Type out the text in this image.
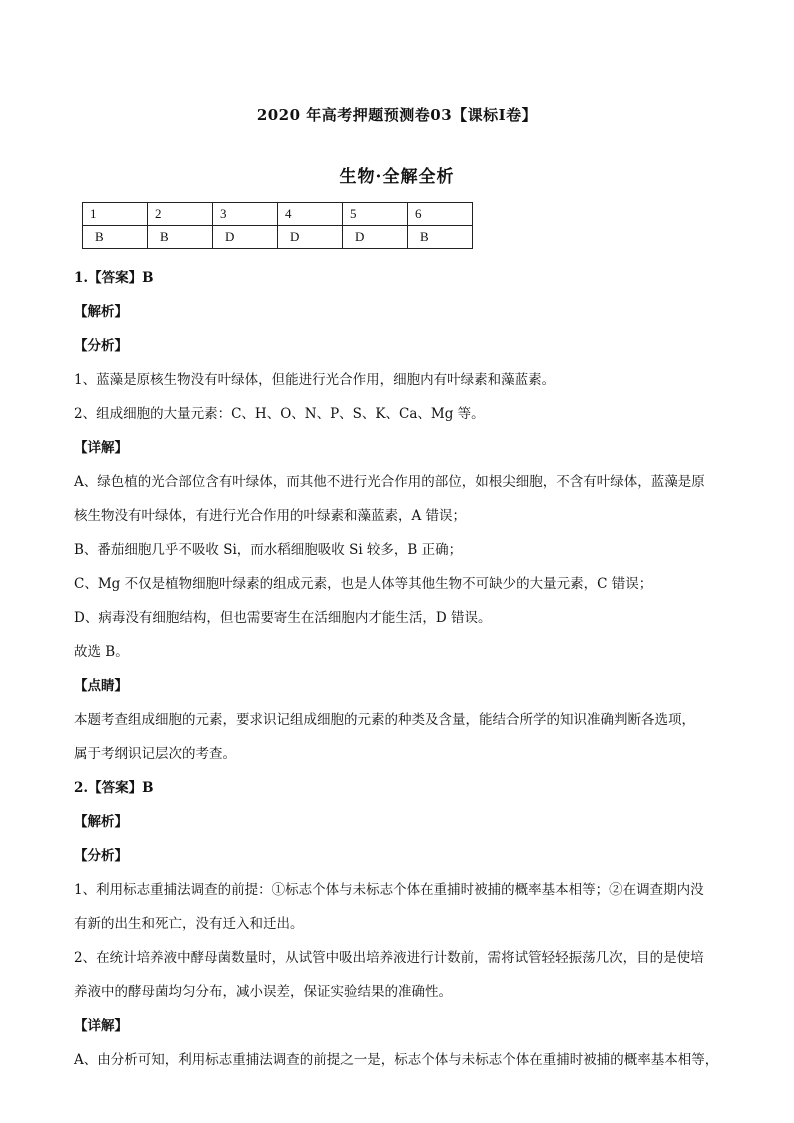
2020 年高考押题预测卷03【课标I卷】
生物·全解全析
1	2	3	4	5	6
B	B	D	D	D	B
1.【答案】B
【解析】
【分析】
1、蓝藻是原核生物没有叶绿体，但能进行光合作用，细胞内有叶绿素和藻蓝素。
2、组成细胞的大量元素：C、H、O、N、P、S、K、Ca、Mg 等。
【详解】
A、绿色植的光合部位含有叶绿体，而其他不进行光合作用的部位，如根尖细胞，不含有叶绿体，蓝藻是原
核生物没有叶绿体，有进行光合作用的叶绿素和藻蓝素，A 错误；
B、番茄细胞几乎不吸收 Si，而水稻细胞吸收 Si 较多，B 正确；
C、Mg 不仅是植物细胞叶绿素的组成元素，也是人体等其他生物不可缺少的大量元素，C 错误；
D、病毒没有细胞结构，但也需要寄生在活细胞内才能生活，D 错误。
故选 B。
【点睛】
本题考查组成细胞的元素，要求识记组成细胞的元素的种类及含量，能结合所学的知识准确判断各选项，
属于考纲识记层次的考查。
2.【答案】B
【解析】
【分析】
1、利用标志重捕法调查的前提：①标志个体与未标志个体在重捕时被捕的概率基本相等；②在调查期内没
有新的出生和死亡，没有迁入和迁出。
2、在统计培养液中酵母菌数量时，从试管中吸出培养液进行计数前，需将试管轻轻振荡几次，目的是使培
养液中的酵母菌均匀分布，减小误差，保证实验结果的准确性。
【详解】
A、由分析可知，利用标志重捕法调查的前提之一是，标志个体与未标志个体在重捕时被捕的概率基本相等，
